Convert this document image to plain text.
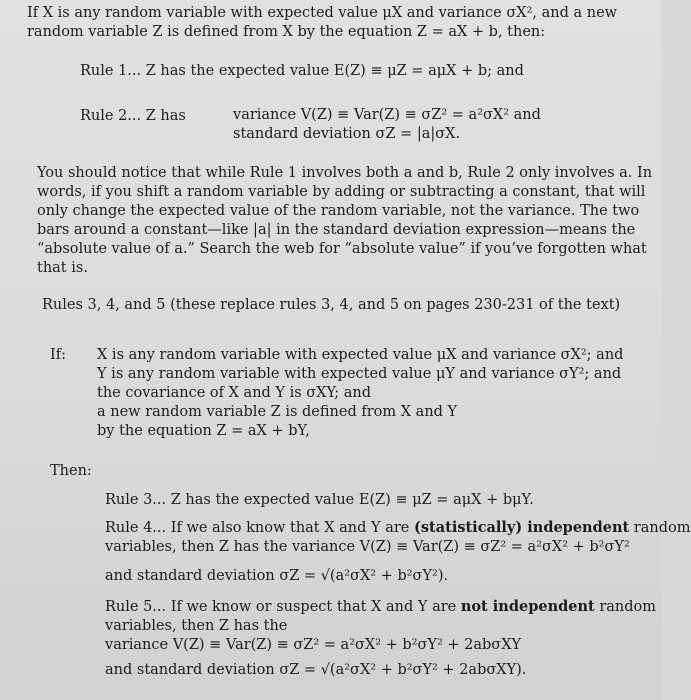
If X is any random variable with expected value μX and variance σX², and a new
random variable Z is defined from X by the equation Z = aX + b, then:
Rule 1... Z has the expected value E(Z) ≡ μZ = aμX + b; and
Rule 2... Z has	variance V(Z) ≡ Var(Z) ≡ σZ² = a²σX² and
standard deviation σZ = |a|σX.
You should notice that while Rule 1 involves both a and b, Rule 2 only involves a. In
words, if you shift a random variable by adding or subtracting a constant, that will
only change the expected value of the random variable, not the variance. The two
bars around a constant—like |a| in the standard deviation expression—means the
“absolute value of a.” Search the web for “absolute value” if you’ve forgotten what
that is.
Rules 3, 4, and 5 (these replace rules 3, 4, and 5 on pages 230-231 of the text)
If: X is any random variable with expected value μX and variance σX²; and
Y is any random variable with expected value μY and variance σY²; and
the covariance of X and Y is σXY; and
a new random variable Z is defined from X and Y
by the equation Z = aX + bY,
Then:
Rule 3... Z has the expected value E(Z) ≡ μZ = aμX + bμY.
Rule 4... If we also know that X and Y are (statistically) independent random
variables, then Z has the variance V(Z) ≡ Var(Z) ≡ σZ² = a²σX² + b²σY²
and standard deviation σZ = √(a²σX² + b²σY²).
Rule 5... If we know or suspect that X and Y are not independent random
variables, then Z has the
variance V(Z) ≡ Var(Z) ≡ σZ² = a²σX² + b²σY² + 2abσXY
and standard deviation σZ = √(a²σX² + b²σY² + 2abσXY).
